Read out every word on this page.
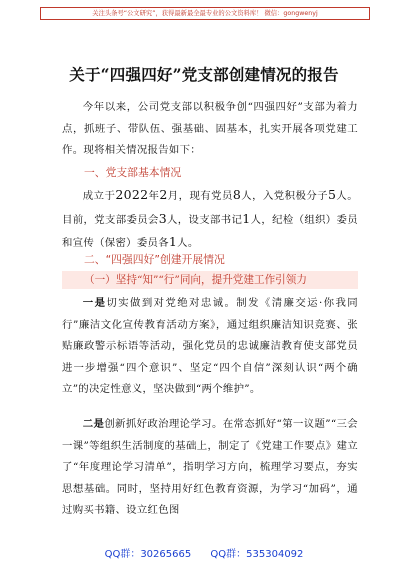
关注头条号“公文研究”，获得最新最全最专业的公文资料库！ 微信：gongwenyj
关于“四强四好”党支部创建情况的报告

今年以来，公司党支部以积极争创“四强四好”支部为着力点，抓班子、带队伍、强基础、固基本，扎实开展各项党建工作。现将相关情况报告如下：

一、党支部基本情况

成立于2022年2月，现有党员8人，入党积极分子5人。目前，党支部委员会3人，设支部书记1人，纪检（组织）委员和宣传（保密）委员各1人。

二、“四强四好”创建开展情况
（一）坚持“知”“行”同向，提升党建工作引领力

一是切实做到对党绝对忠诚。制发《清廉交运·你我同行”廉洁文化宣传教育活动方案》，通过组织廉洁知识竞赛、张贴廉政警示标语等活动，强化党员的忠诚廉洁教育使支部党员进一步增强“四个意识”、坚定“四个自信”深刻认识“两个确立”的决定性意义，坚决做到“两个维护”。

二是创新抓好政治理论学习。在常态抓好“第一议题”“三会一课”等组织生活制度的基础上，制定了《党建工作要点》建立了“年度理论学习清单”，指明学习方向，梳理学习要点，夯实思想基础。同时，坚持用好红色教育资源，为学习“加码”，通过购买书籍、设立红色图

QQ群：30265665 QQ群：535304092
